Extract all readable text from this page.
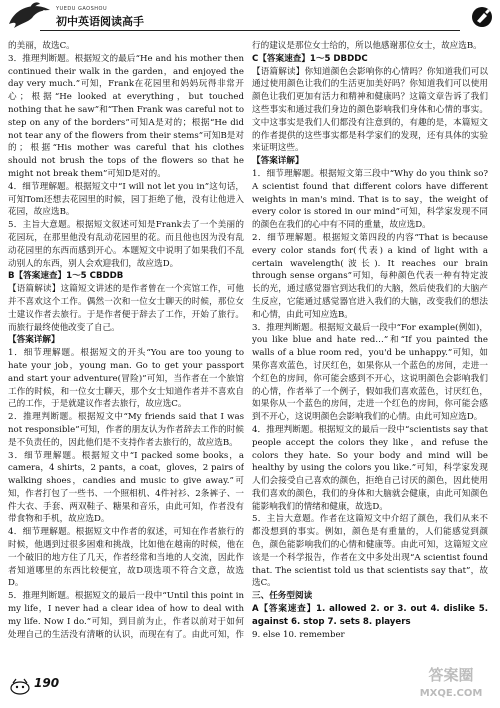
YUEDU GAOSHOU
初中英语阅读高手

的美丽，故选C。

3．推理判断题。根据短文的最后“He and his mother then continued their walk in the garden，and enjoyed the day very much.”可知，Frank在花园里和妈妈玩得非常开心；根据“He looked at everything，but touched nothing that he saw”和“Then Frank was careful not to step on any of the borders”可知A是对的；根据“He did not tear any of the flowers from their stems”可知B是对的；根据“His mother was careful that his clothes should not brush the tops of the flowers so that he might not break them”可知D是对的。

4．细节理解题。根据短文中“I will not let you in”这句话，可知Tom还想去花园里的时候，园丁拒绝了他，没有让他进入花园，故应选B。

5．主旨大意题。根据短文叙述可知是Frank去了一个美丽的花园玩，在那里他没有乱动花园里的花。而且他也因为没有乱动花园里的东西而感到开心。本题短文中说明了如果我们不乱动别人的东西，别人会欢迎我们，故应选D。

B【答案速查】1～5 CBDDB

【语篇解读】这篇短文讲述的是作者曾在一个宾馆工作，可他并不喜欢这个工作。偶然一次和一位女士聊天的时候，那位女士建议作者去旅行。于是作者便于辞去了工作，开始了旅行。而旅行最终使他改变了自己。

【答案详解】

1．细节理解题。根据短文的开头“You are too young to hate your job，young man. Go to get your passport and start your adventure(冒险)”可知，当作者在一个旅馆工作的时候，和一位女士聊天，那个女士知道作者并不喜欢自己的工作，于是就建议作者去旅行，故应选C。

2．推理判断题。根据短文中“My friends said that I was not responsible”可知，作者的朋友认为作者辞去工作的时候是不负责任的，因此他们是不支持作者去旅行的，故应选B。

3．细节理解题。根据短文中“I packed some books，a camera，4 shirts，2 pants，a coat，gloves，2 pairs of walking shoes，candies and music to give away.”可知，作者打包了一些书、一个照相机、4件衬衫、2条裤子、一件大衣、手套、两双鞋子、糖果和音乐，由此可知，作者没有带食物和手机，故应选D。

4．细节理解题。根据短文中作者的叙述，可知在作者旅行的时候，他遇到过很多困难和挑战，比如他在越南的时候，他在一个破旧的地方住了几天，作者经常和当地的人交流，因此作者知道哪里的东西比较便宜，故D项选项不符合文意，故选D。

5．推理判断题。根据短文的最后一段中“Until this point in my life，I never had a clear idea of how to deal with my life. Now I do.”可知，到目前为止，作者以前对于如何处理自己的生活没有清晰的认识，而现在有了。由此可知，作

行的建议是那位女士给的，所以他感谢那位女士，故应选B。

C【答案速查】1～5 DBDDC

【语篇解读】你知道颜色会影响你的心情吗？你知道我们可以通过使用颜色让我们的生活更加美好吗？你知道我们可以使用颜色让我们更加有活力和精神和健康吗？这篇文章告诉了我们这些事实和通过我们身边的颜色影响我们身体和心情的事实。文中这事实是我们人们都没有注意到的，有趣的是，本篇短文的作者提供的这些事实都是科学家们的发现，还有具体的实验来证明这些。

【答案详解】

1．细节理解题。根据短文第三段中“Why do you think so? A scientist found that different colors have different weights in man's mind. That is to say，the weight of every color is stored in our mind”可知，科学家发现不同的颜色在我们的心中有不同的重量，故应选D。

2．细节理解题。根据短文第四段的内容“That is because every color stands for(代表) a kind of light with a certain wavelength(波长). It reaches our brain through sense organs”可知，每种颜色代表一种有特定波长的光，通过感觉器官到达我们的大脑，然后使我们的大脑产生反应，它能通过感觉器官进入我们的大脑，改变我们的想法和心情，由此可知应选B。

3．推理判断题。根据短文最后一段中“For example(例如)，you like blue and hate red…”和“If you painted the walls of a blue room red，you'd be unhappy.”可知，如果你喜欢蓝色，讨厌红色，如果你从一个蓝色的房间，走进一个红色的房间，你可能会感到不开心，这说明颜色会影响我们的心情，作者举了一个例子，假如我们喜欢蓝色，讨厌红色，如果你从一个蓝色的房间，走进一个红色的房间，你可能会感到不开心，这说明颜色会影响我们的心情。由此可知应选D。

4．推理判断题。根据短文的最后一段中“scientists say that people accept the colors they like，and refuse the colors they hate. So your body and mind will be healthy by using the colors you like.”可知，科学家发现人们会接受自己喜欢的颜色，拒绝自己讨厌的颜色，因此使用我们喜欢的颜色，我们的身体和大脑就会健康，由此可知颜色能影响我们的情绪和健康，故选D。

5．主旨大意题。作者在这篇短文中介绍了颜色，我们从来不都没想到的事实。例如，颜色是有重量的，人们能感觉到颜色，颜色能影响我们的心情和健康等。由此可知，这篇短文应该是一个科学报告，作者在文中多处出现“A scientist found that. The scientist told us that scientists say that”，故选C。

三、任务型阅读

A【答案速查】1. allowed 2. or 3. out 4. dislike 5. against 6. stop 7. sets 8. players

9. else 10. remember

190	答案圈
MXQE.COM
